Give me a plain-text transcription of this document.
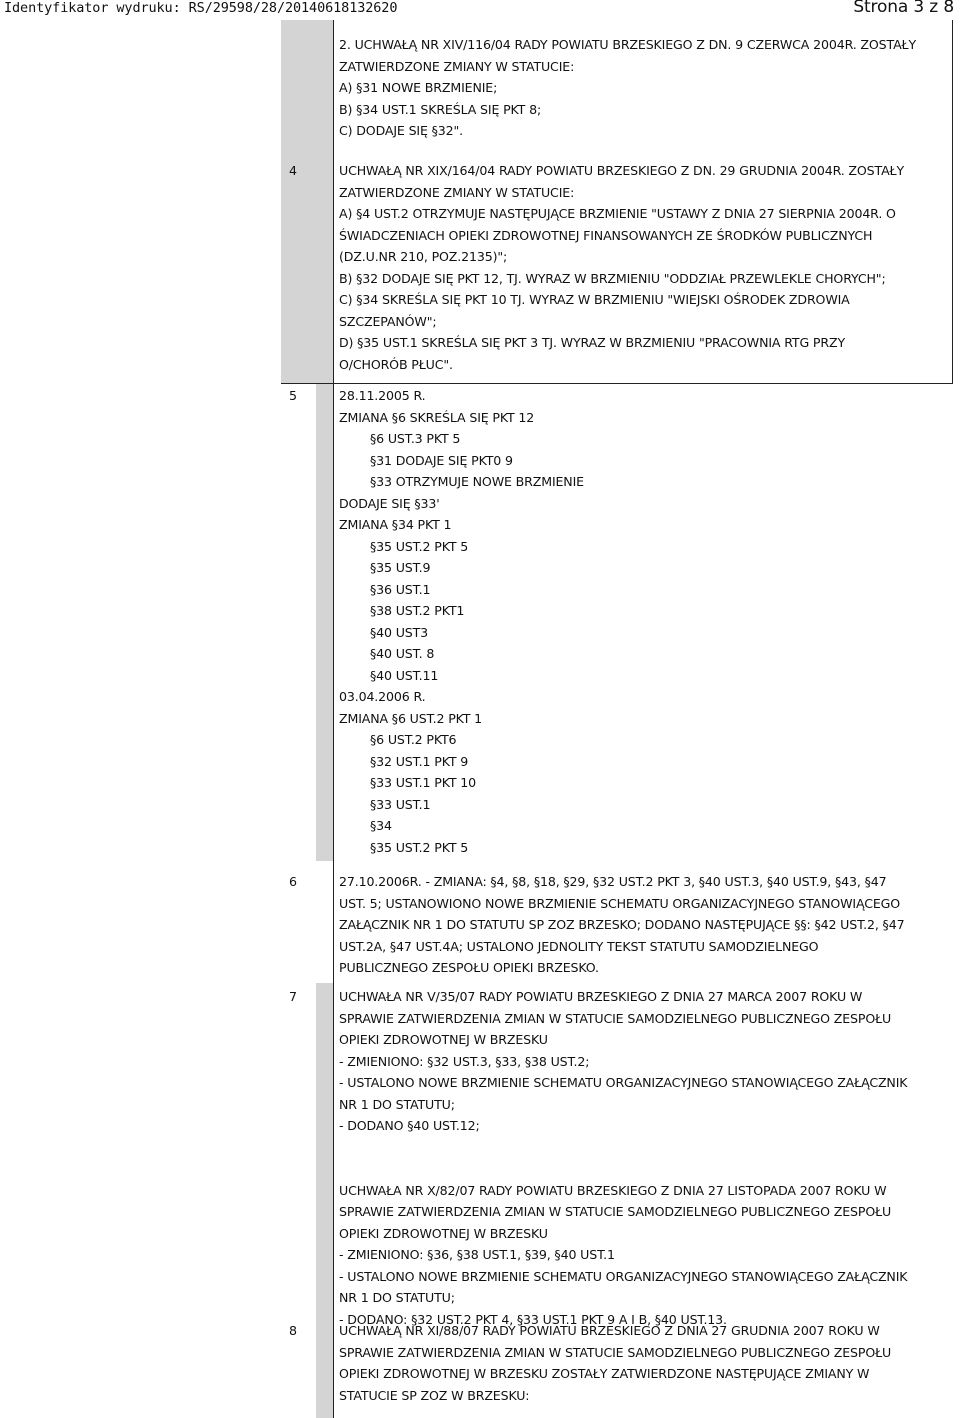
Identyfikator wydruku: RS/29598/28/20140618132620	Strona 3 z 8
2. UCHWAŁĄ NR XIV/116/04 RADY POWIATU BRZESKIEGO Z DN. 9 CZERWCA 2004R. ZOSTAŁY
ZATWIERDZONE ZMIANY W STATUCIE:
A) §31 NOWE BRZMIENIE;
B) §34 UST.1 SKREŚLA SIĘ PKT 8;
C) DODAJE SIĘ §32".
4	UCHWAŁĄ NR XIX/164/04 RADY POWIATU BRZESKIEGO Z DN. 29 GRUDNIA 2004R. ZOSTAŁY
ZATWIERDZONE ZMIANY W STATUCIE:
A) §4 UST.2 OTRZYMUJE NASTĘPUJĄCE BRZMIENIE "USTAWY Z DNIA 27 SIERPNIA 2004R. O
ŚWIADCZENIACH OPIEKI ZDROWOTNEJ FINANSOWANYCH ZE ŚRODKÓW PUBLICZNYCH
(DZ.U.NR 210, POZ.2135)";
B) §32 DODAJE SIĘ PKT 12, TJ. WYRAZ W BRZMIENIU "ODDZIAŁ PRZEWLEKLE CHORYCH";
C) §34 SKREŚLA SIĘ PKT 10 TJ. WYRAZ W BRZMIENIU "WIEJSKI OŚRODEK ZDROWIA
SZCZEPANÓW";
D) §35 UST.1 SKREŚLA SIĘ PKT 3 TJ. WYRAZ W BRZMIENIU "PRACOWNIA RTG PRZY
O/CHORÓB PŁUC".
5	28.11.2005 R.
ZMIANA §6 SKREŚLA SIĘ PKT 12
§6 UST.3 PKT 5
§31 DODAJE SIĘ PKT0 9
§33 OTRZYMUJE NOWE BRZMIENIE
DODAJE SIĘ §33'
ZMIANA §34 PKT 1
§35 UST.2 PKT 5
§35 UST.9
§36 UST.1
§38 UST.2 PKT1
§40 UST3
§40 UST. 8
§40 UST.11
03.04.2006 R.
ZMIANA §6 UST.2 PKT 1
§6 UST.2 PKT6
§32 UST.1 PKT 9
§33 UST.1 PKT 10
§33 UST.1
§34
§35 UST.2 PKT 5
6	27.10.2006R. - ZMIANA: §4, §8, §18, §29, §32 UST.2 PKT 3, §40 UST.3, §40 UST.9, §43, §47
UST. 5; USTANOWIONO NOWE BRZMIENIE SCHEMATU ORGANIZACYJNEGO STANOWIĄCEGO
ZAŁĄCZNIK NR 1 DO STATUTU SP ZOZ BRZESKO; DODANO NASTĘPUJĄCE §§: §42 UST.2, §47
UST.2A, §47 UST.4A; USTALONO JEDNOLITY TEKST STATUTU SAMODZIELNEGO
PUBLICZNEGO ZESPOŁU OPIEKI BRZESKO.
7	UCHWAŁA NR V/35/07 RADY POWIATU BRZESKIEGO Z DNIA 27 MARCA 2007 ROKU W
SPRAWIE ZATWIERDZENIA ZMIAN W STATUCIE SAMODZIELNEGO PUBLICZNEGO ZESPOŁU
OPIEKI ZDROWOTNEJ W BRZESKU
- ZMIENIONO: §32 UST.3, §33, §38 UST.2;
- USTALONO NOWE BRZMIENIE SCHEMATU ORGANIZACYJNEGO STANOWIĄCEGO ZAŁĄCZNIK
NR 1 DO STATUTU;
- DODANO §40 UST.12;
UCHWAŁA NR X/82/07 RADY POWIATU BRZESKIEGO Z DNIA 27 LISTOPADA 2007 ROKU W
SPRAWIE ZATWIERDZENIA ZMIAN W STATUCIE SAMODZIELNEGO PUBLICZNEGO ZESPOŁU
OPIEKI ZDROWOTNEJ W BRZESKU
- ZMIENIONO: §36, §38 UST.1, §39, §40 UST.1
- USTALONO NOWE BRZMIENIE SCHEMATU ORGANIZACYJNEGO STANOWIĄCEGO ZAŁĄCZNIK
NR 1 DO STATUTU;
- DODANO: §32 UST.2 PKT 4, §33 UST.1 PKT 9 A I B, §40 UST.13.
8	UCHWAŁĄ NR XI/88/07 RADY POWIATU BRZESKIEGO Z DNIA 27 GRUDNIA 2007 ROKU W
SPRAWIE ZATWIERDZENIA ZMIAN W STATUCIE SAMODZIELNEGO PUBLICZNEGO ZESPOŁU
OPIEKI ZDROWOTNEJ W BRZESKU ZOSTAŁY ZATWIERDZONE NASTĘPUJĄCE ZMIANY W
STATUCIE SP ZOZ W BRZESKU:
